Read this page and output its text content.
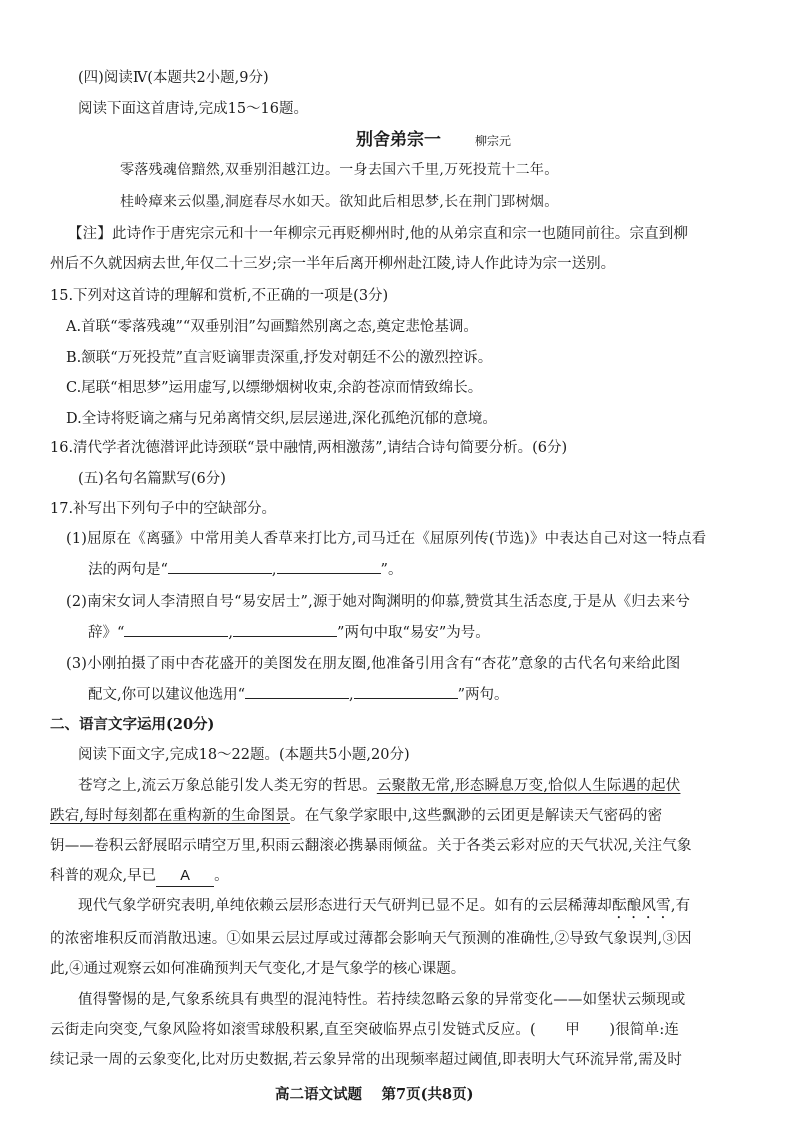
(四)阅读Ⅳ(本题共2小题,9分)
阅读下面这首唐诗,完成15～16题。
别舍弟宗一	柳宗元
零落残魂倍黯然,双垂别泪越江边。一身去国六千里,万死投荒十二年。
桂岭瘴来云似墨,洞庭春尽水如天。欲知此后相思梦,长在荆门郢树烟。
【注】此诗作于唐宪宗元和十一年柳宗元再贬柳州时,他的从弟宗直和宗一也随同前往。宗直到柳
州后不久就因病去世,年仅二十三岁;宗一半年后离开柳州赴江陵,诗人作此诗为宗一送别。
15.下列对这首诗的理解和赏析,不正确的一项是(3分)
A.首联“零落残魂”“双垂别泪”勾画黯然别离之态,奠定悲怆基调。
B.颔联“万死投荒”直言贬谪罪责深重,抒发对朝廷不公的激烈控诉。
C.尾联“相思梦”运用虚写,以缥缈烟树收束,余韵苍凉而情致绵长。
D.全诗将贬谪之痛与兄弟离情交织,层层递进,深化孤绝沉郁的意境。
16.清代学者沈德潜评此诗颈联“景中融情,两相激荡”,请结合诗句简要分析。(6分)
(五)名句名篇默写(6分)
17.补写出下列句子中的空缺部分。
(1)屈原在《离骚》中常用美人香草来打比方,司马迁在《屈原列传(节选)》中表达自己对这一特点看
法的两句是“	,	”。
(2)南宋女词人李清照自号“易安居士”,源于她对陶渊明的仰慕,赞赏其生活态度,于是从《归去来兮
辞》“	,	”两句中取“易安”为号。
(3)小刚拍摄了雨中杏花盛开的美图发在朋友圈,他准备引用含有“杏花”意象的古代名句来给此图
配文,你可以建议他选用“	,	”两句。
二、语言文字运用(20分)
阅读下面文字,完成18～22题。(本题共5小题,20分)
苍穹之上,流云万象总能引发人类无穷的哲思。云聚散无常,形态瞬息万变,恰似人生际遇的起伏
跌宕,每时每刻都在重构新的生命图景。在气象学家眼中,这些飘渺的云团更是解读天气密码的密
钥——卷积云舒展昭示晴空万里,积雨云翻滚必携暴雨倾盆。关于各类云彩对应的天气状况,关注气象
科普的观众,早已 A 。
现代气象学研究表明,单纯依赖云层形态进行天气研判已显不足。如有的云层稀薄却酝酿风雪,有
的浓密堆积反而消散迅速。①如果云层过厚或过薄都会影响天气预测的准确性,②导致气象误判,③因
此,④通过观察云如何准确预判天气变化,才是气象学的核心课题。
值得警惕的是,气象系统具有典型的混沌特性。若持续忽略云象的异常变化——如堡状云频现或
云街走向突变,气象风险将如滚雪球般积累,直至突破临界点引发链式反应。(　　甲　　)很简单:连
续记录一周的云象变化,比对历史数据,若云象异常的出现频率超过阈值,即表明大气环流异常,需及时
高二语文试题　 第7页(共8页)
